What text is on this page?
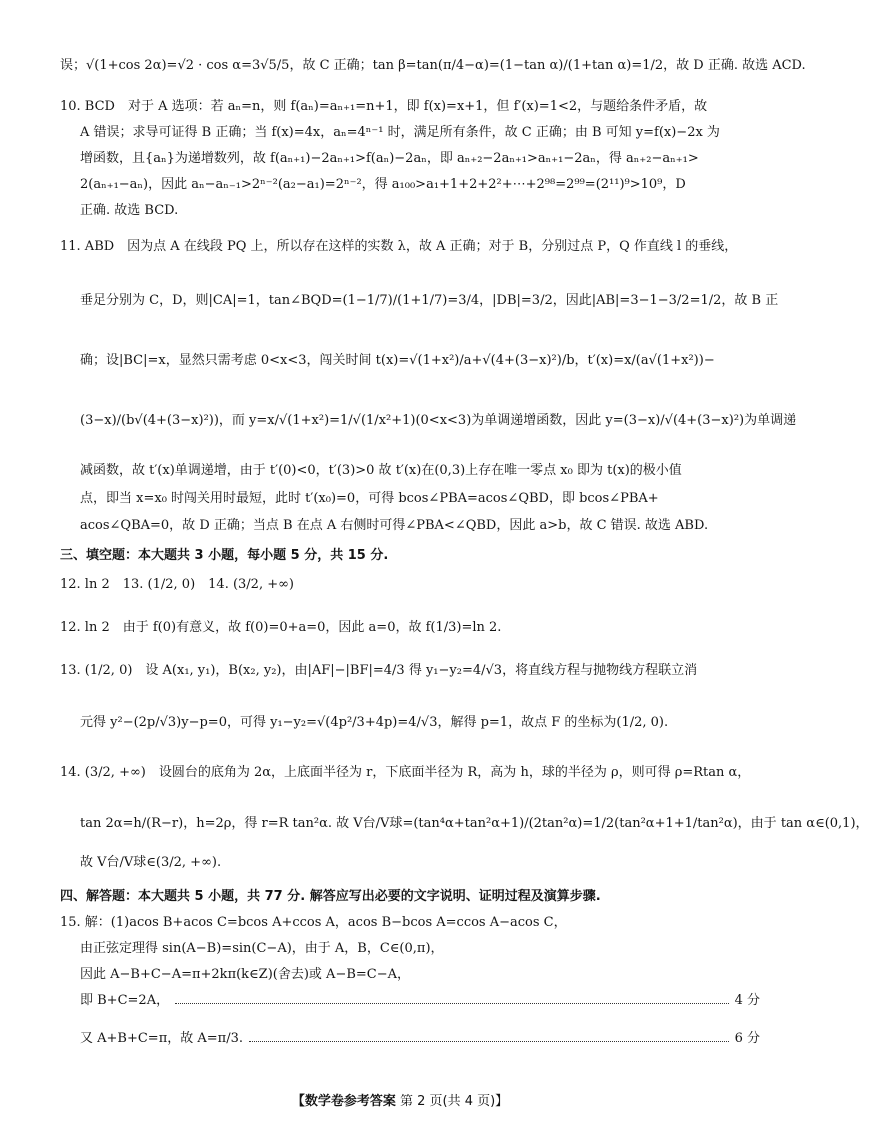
误；√(1+cos 2α)=√2 · cos α=3√5/5，故 C 正确；tan β=tan(π/4−α)=(1−tan α)/(1+tan α)=1/2，故 D 正确. 故选 ACD.
10. BCD　对于 A 选项：若 aₙ=n，则 f(aₙ)=aₙ₊₁=n+1，即 f(x)=x+1，但 f′(x)=1<2，与题给条件矛盾，故
A 错误；求导可证得 B 正确；当 f(x)=4x，aₙ=4ⁿ⁻¹ 时，满足所有条件，故 C 正确；由 B 可知 y=f(x)−2x 为
增函数，且{aₙ}为递增数列，故 f(aₙ₊₁)−2aₙ₊₁>f(aₙ)−2aₙ，即 aₙ₊₂−2aₙ₊₁>aₙ₊₁−2aₙ，得 aₙ₊₂−aₙ₊₁>
2(aₙ₊₁−aₙ)，因此 aₙ−aₙ₋₁>2ⁿ⁻²(a₂−a₁)=2ⁿ⁻²，得 a₁₀₀>a₁+1+2+2²+⋯+2⁹⁸=2⁹⁹=(2¹¹)⁹>10⁹，D
正确. 故选 BCD.
11. ABD　因为点 A 在线段 PQ 上，所以存在这样的实数 λ，故 A 正确；对于 B，分别过点 P，Q 作直线 l 的垂线，
垂足分别为 C，D，则|CA|=1，tan∠BQD=(1−1/7)/(1+1/7)=3/4，|DB|=3/2，因此|AB|=3−1−3/2=1/2，故 B 正
确；设|BC|=x，显然只需考虑 0<x<3，闯关时间 t(x)=√(1+x²)/a+√(4+(3−x)²)/b，t′(x)=x/(a√(1+x²))−
(3−x)/(b√(4+(3−x)²))，而 y=x/√(1+x²)=1/√(1/x²+1)(0<x<3)为单调递增函数，因此 y=(3−x)/√(4+(3−x)²)为单调递
减函数，故 t′(x)单调递增，由于 t′(0)<0，t′(3)>0 故 t′(x)在(0,3)上存在唯一零点 x₀ 即为 t(x)的极小值
点，即当 x=x₀ 时闯关用时最短，此时 t′(x₀)=0，可得 bcos∠PBA=acos∠QBD，即 bcos∠PBA+
acos∠QBA=0，故 D 正确；当点 B 在点 A 右侧时可得∠PBA<∠QBD，因此 a>b，故 C 错误. 故选 ABD.
三、填空题：本大题共 3 小题，每小题 5 分，共 15 分.
12. ln 2　13. (1/2, 0)　14. (3/2, +∞)
12. ln 2　由于 f(0)有意义，故 f(0)=0+a=0，因此 a=0，故 f(1/3)=ln 2.
13. (1/2, 0)　设 A(x₁, y₁)，B(x₂, y₂)，由|AF|−|BF|=4/3 得 y₁−y₂=4/√3，将直线方程与抛物线方程联立消
元得 y²−(2p/√3)y−p=0，可得 y₁−y₂=√(4p²/3+4p)=4/√3，解得 p=1，故点 F 的坐标为(1/2, 0).
14. (3/2, +∞)　设圆台的底角为 2α，上底面半径为 r，下底面半径为 R，高为 h，球的半径为 ρ，则可得 ρ=Rtan α，
tan 2α=h/(R−r)，h=2ρ，得 r=R tan²α. 故 V台/V球=(tan⁴α+tan²α+1)/(2tan²α)=1/2(tan²α+1+1/tan²α)，由于 tan α∈(0,1)，
故 V台/V球∈(3/2, +∞).
四、解答题：本大题共 5 小题，共 77 分. 解答应写出必要的文字说明、证明过程及演算步骤.
15. 解：(1)acos B+acos C=bcos A+ccos A，acos B−bcos A=ccos A−acos C，
由正弦定理得 sin(A−B)=sin(C−A)，由于 A，B，C∈(0,π)，
因此 A−B+C−A=π+2kπ(k∈Z)(舍去)或 A−B=C−A，
即 B+C=2A，	4 分
又 A+B+C=π，故 A=π/3.	6 分
【数学卷参考答案 第 2 页(共 4 页)】
